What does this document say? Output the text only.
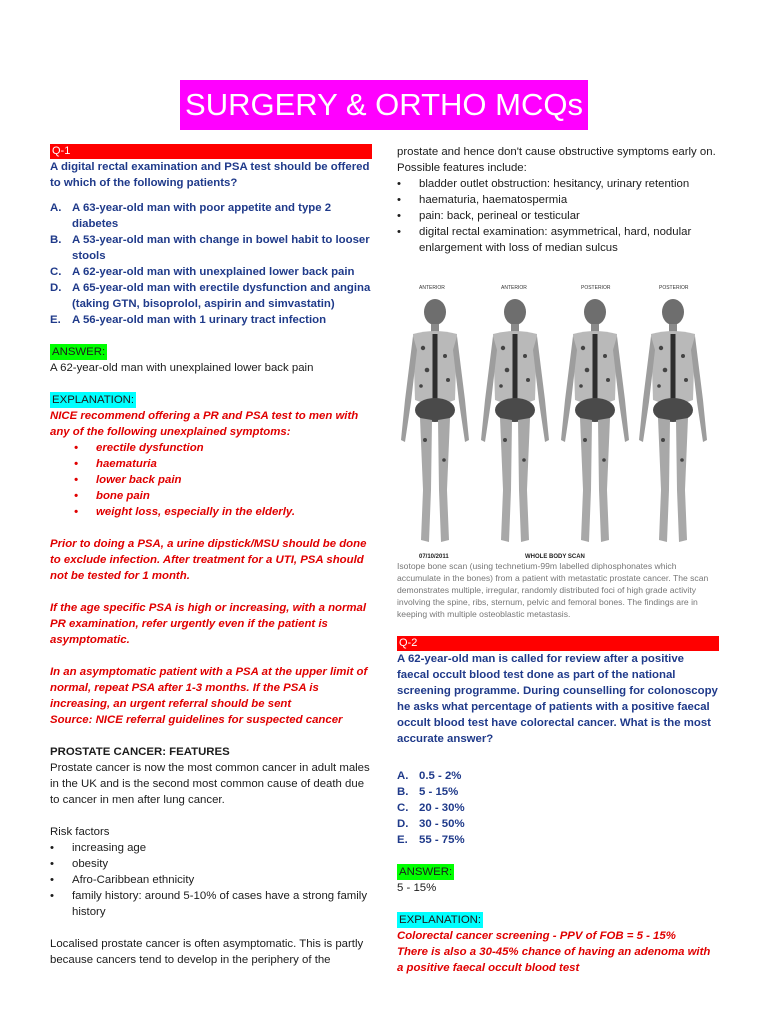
SURGERY & ORTHO MCQs
Q-1
A digital rectal examination and PSA test should be offered to which of the following patients?
A. A 63-year-old man with poor appetite and type 2 diabetes
B. A 53-year-old man with change in bowel habit to looser stools
C. A 62-year-old man with unexplained lower back pain
D. A 65-year-old man with erectile dysfunction and angina (taking GTN, bisoprolol, aspirin and simvastatin)
E. A 56-year-old man with 1 urinary tract infection
ANSWER:
A 62-year-old man with unexplained lower back pain
EXPLANATION:
NICE recommend offering a PR and PSA test to men with any of the following unexplained symptoms:
•	erectile dysfunction
•	haematuria
•	lower back pain
•	bone pain
•	weight loss, especially in the elderly.
Prior to doing a PSA, a urine dipstick/MSU should be done to exclude infection. After treatment for a UTI, PSA should not be tested for 1 month.
If the age specific PSA is high or increasing, with a normal PR examination, refer urgently even if the patient is asymptomatic.
In an asymptomatic patient with a PSA at the upper limit of normal, repeat PSA after 1-3 months. If the PSA is increasing, an urgent referral should be sent
Source: NICE referral guidelines for suspected cancer
PROSTATE CANCER: FEATURES
Prostate cancer is now the most common cancer in adult males in the UK and is the second most common cause of death due to cancer in men after lung cancer.
Risk factors
•	increasing age
•	obesity
•	Afro-Caribbean ethnicity
•	family history: around 5-10% of cases have a strong family history
Localised prostate cancer is often asymptomatic. This is partly because cancers tend to develop in the periphery of the
prostate and hence don't cause obstructive symptoms early on. Possible features include:
•	bladder outlet obstruction: hesitancy, urinary retention
•	haematuria, haematospermia
•	pain: back, perineal or testicular
•	digital rectal examination: asymmetrical, hard, nodular enlargement with loss of median sulcus
ANTERIOR	ANTERIOR	POSTERIOR	POSTERIOR
07/10/2011	WHOLE BODY SCAN
Isotope bone scan (using technetium-99m labelled diphosphonates which accumulate in the bones) from a patient with metastatic prostate cancer. The scan demonstrates multiple, irregular, randomly distributed foci of high grade activity involving the spine, ribs, sternum, pelvic and femoral bones. The findings are in keeping with multiple osteoblastic metastasis.
Q-2
A 62-year-old man is called for review after a positive faecal occult blood test done as part of the national screening programme. During counselling for colonoscopy he asks what percentage of patients with a positive faecal occult blood test have colorectal cancer. What is the most accurate answer?
A. 0.5 - 2%
B. 5 - 15%
C. 20 - 30%
D. 30 - 50%
E. 55 - 75%
ANSWER:
5 - 15%
EXPLANATION:
Colorectal cancer screening - PPV of FOB = 5 - 15%
There is also a 30-45% chance of having an adenoma with a positive faecal occult blood test
